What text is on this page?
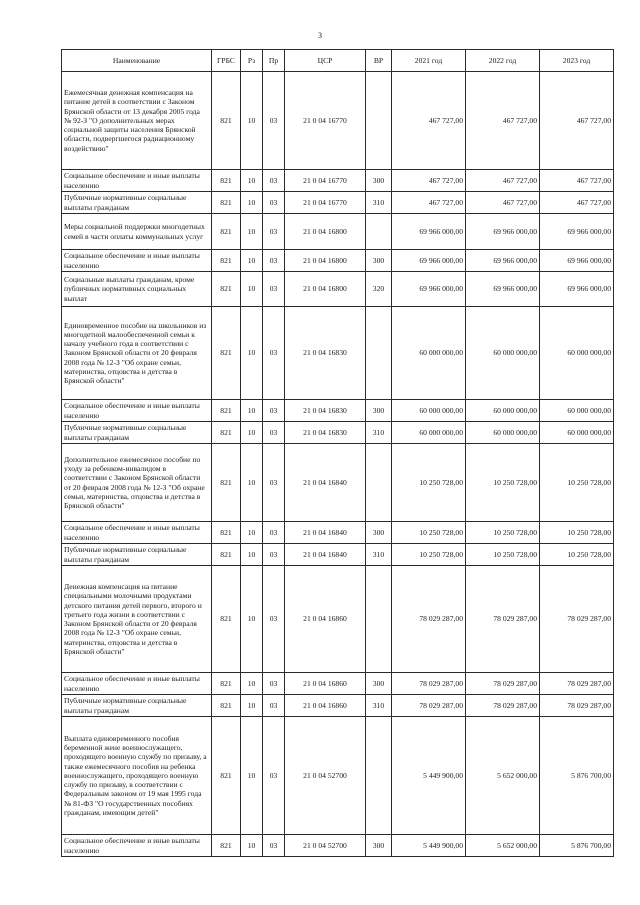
3
Наименование	ГРБС	Рз	Пр	ЦСР	ВР	2021 год	2022 год	2023 год
Ежемесячная денежная компенсация на питание детей в соответствии с Законом Брянской области от 13 декабря 2005 года № 92-З "О дополнительных мерах социальной защиты населения Брянской области, подвергшегося радиационному воздействию"	821	10	03	21 0 04 16770		467 727,00	467 727,00	467 727,00
Социальное обеспечение и иные выплаты населению	821	10	03	21 0 04 16770	300	467 727,00	467 727,00	467 727,00
Публичные нормативные социальные выплаты гражданам	821	10	03	21 0 04 16770	310	467 727,00	467 727,00	467 727,00
Меры социальной поддержки многодетных семей в части оплаты коммунальных услуг	821	10	03	21 0 04 16800		69 966 000,00	69 966 000,00	69 966 000,00
Социальное обеспечение и иные выплаты населению	821	10	03	21 0 04 16800	300	69 966 000,00	69 966 000,00	69 966 000,00
Социальные выплаты гражданам, кроме публичных нормативных социальных выплат	821	10	03	21 0 04 16800	320	69 966 000,00	69 966 000,00	69 966 000,00
Единовременное пособие на школьников из многодетной малообеспеченной семьи к началу учебного года в соответствии с Законом Брянской области от 20 февраля 2008 года № 12-З "Об охране семьи, материнства, отцовства и детства в Брянской области"	821	10	03	21 0 04 16830		60 000 000,00	60 000 000,00	60 000 000,00
Социальное обеспечение и иные выплаты населению	821	10	03	21 0 04 16830	300	60 000 000,00	60 000 000,00	60 000 000,00
Публичные нормативные социальные выплаты гражданам	821	10	03	21 0 04 16830	310	60 000 000,00	60 000 000,00	60 000 000,00
Дополнительное ежемесячное пособие по уходу за ребенком-инвалидом в соответствии с Законом Брянской области от 20 февраля 2008 года № 12-З "Об охране семьи, материнства, отцовства и детства в Брянской области"	821	10	03	21 0 04 16840		10 250 728,00	10 250 728,00	10 250 728,00
Социальное обеспечение и иные выплаты населению	821	10	03	21 0 04 16840	300	10 250 728,00	10 250 728,00	10 250 728,00
Публичные нормативные социальные выплаты гражданам	821	10	03	21 0 04 16840	310	10 250 728,00	10 250 728,00	10 250 728,00
Денежная компенсация на питание специальными молочными продуктами детского питания детей первого, второго и третьего года жизни в соответствии с Законом Брянской области от 20 февраля 2008 года № 12-З "Об охране семьи, материнства, отцовства и детства в Брянской области"	821	10	03	21 0 04 16860		78 029 287,00	78 029 287,00	78 029 287,00
Социальное обеспечение и иные выплаты населению	821	10	03	21 0 04 16860	300	78 029 287,00	78 029 287,00	78 029 287,00
Публичные нормативные социальные выплаты гражданам	821	10	03	21 0 04 16860	310	78 029 287,00	78 029 287,00	78 029 287,00
Выплата единовременного пособия беременной жене военнослужащего, проходящего военную службу по призыву, а также ежемесячного пособия на ребенка военнослужащего, проходящего военную службу по призыву, в соответствии с Федеральным законом от 19 мая 1995 года № 81-ФЗ "О государственных пособиях гражданам, имеющим детей"	821	10	03	21 0 04 52700		5 449 900,00	5 652 000,00	5 876 700,00
Социальное обеспечение и иные выплаты населению	821	10	03	21 0 04 52700	300	5 449 900,00	5 652 000,00	5 876 700,00
